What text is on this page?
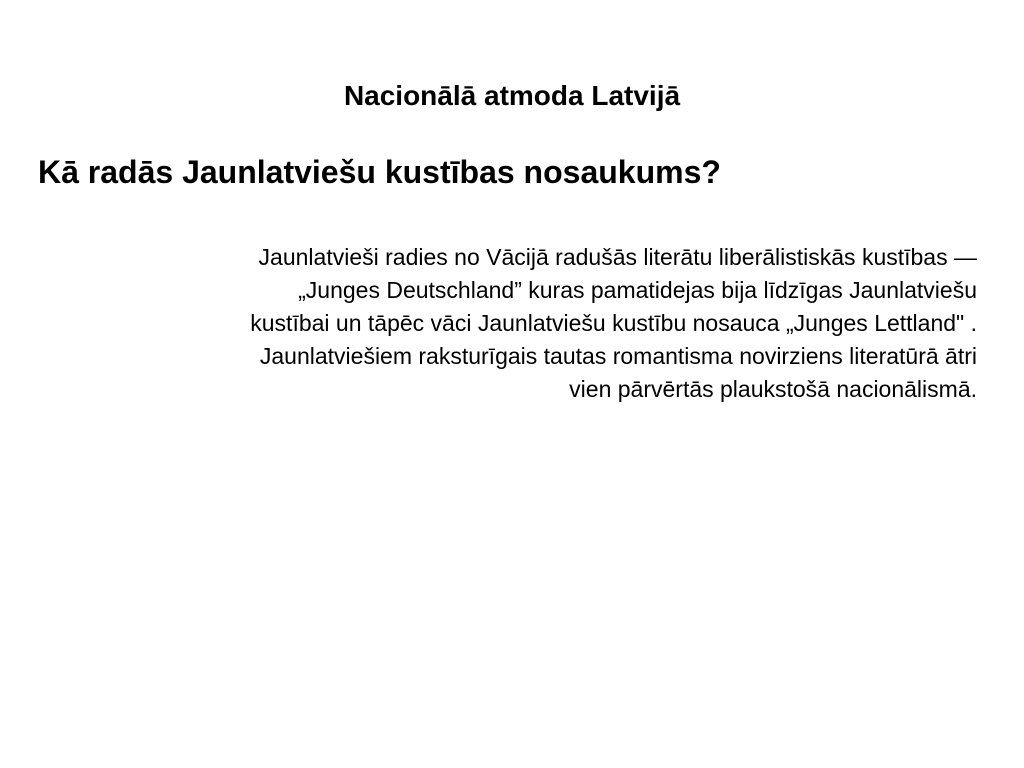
Nacionālā atmoda Latvijā
Kā radās Jaunlatviešu kustības nosaukums?

Jaunlatvieši radies no Vācijā radušās literātu liberālistiskās kustības —
„Junges Deutschland” kuras pamatidejas bija līdzīgas Jaunlatviešu
kustībai un tāpēc vāci Jaunlatviešu kustību nosauca „Junges Lettland" .
Jaunlatviešiem raksturīgais tautas romantisma novirziens literatūrā ātri
vien pārvērtās plaukstošā nacionālismā.
